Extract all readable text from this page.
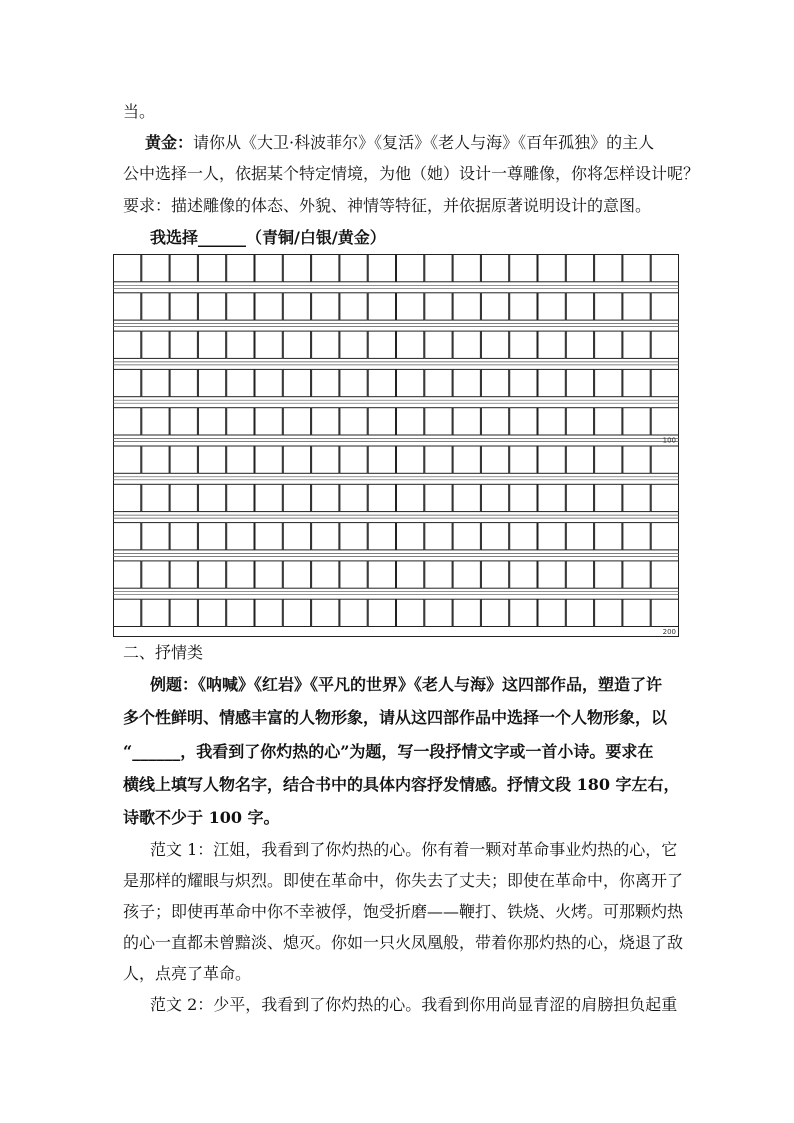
当。
黄金：请你从《大卫·科波菲尔》《复活》《老人与海》《百年孤独》的主人
公中选择一人，依据某个特定情境，为他（她）设计一尊雕像，你将怎样设计呢？
要求：描述雕像的体态、外貌、神情等特征，并依据原著说明设计的意图。
我选择______（青铜/白银/黄金）
100
200
二、抒情类
例题：《呐喊》《红岩》《平凡的世界》《老人与海》这四部作品，塑造了许
多个性鲜明、情感丰富的人物形象，请从这四部作品中选择一个人物形象，以
“______，我看到了你灼热的心”为题，写一段抒情文字或一首小诗。要求在
横线上填写人物名字，结合书中的具体内容抒发情感。抒情文段 180 字左右，
诗歌不少于 100 字。
范文 1：江姐，我看到了你灼热的心。你有着一颗对革命事业灼热的心，它
是那样的耀眼与炽烈。即使在革命中，你失去了丈夫；即使在革命中，你离开了
孩子；即使再革命中你不幸被俘，饱受折磨——鞭打、铁烧、火烤。可那颗灼热
的心一直都未曾黯淡、熄灭。你如一只火凤凰般，带着你那灼热的心，烧退了敌
人，点亮了革命。
范文 2：少平，我看到了你灼热的心。我看到你用尚显青涩的肩膀担负起重
